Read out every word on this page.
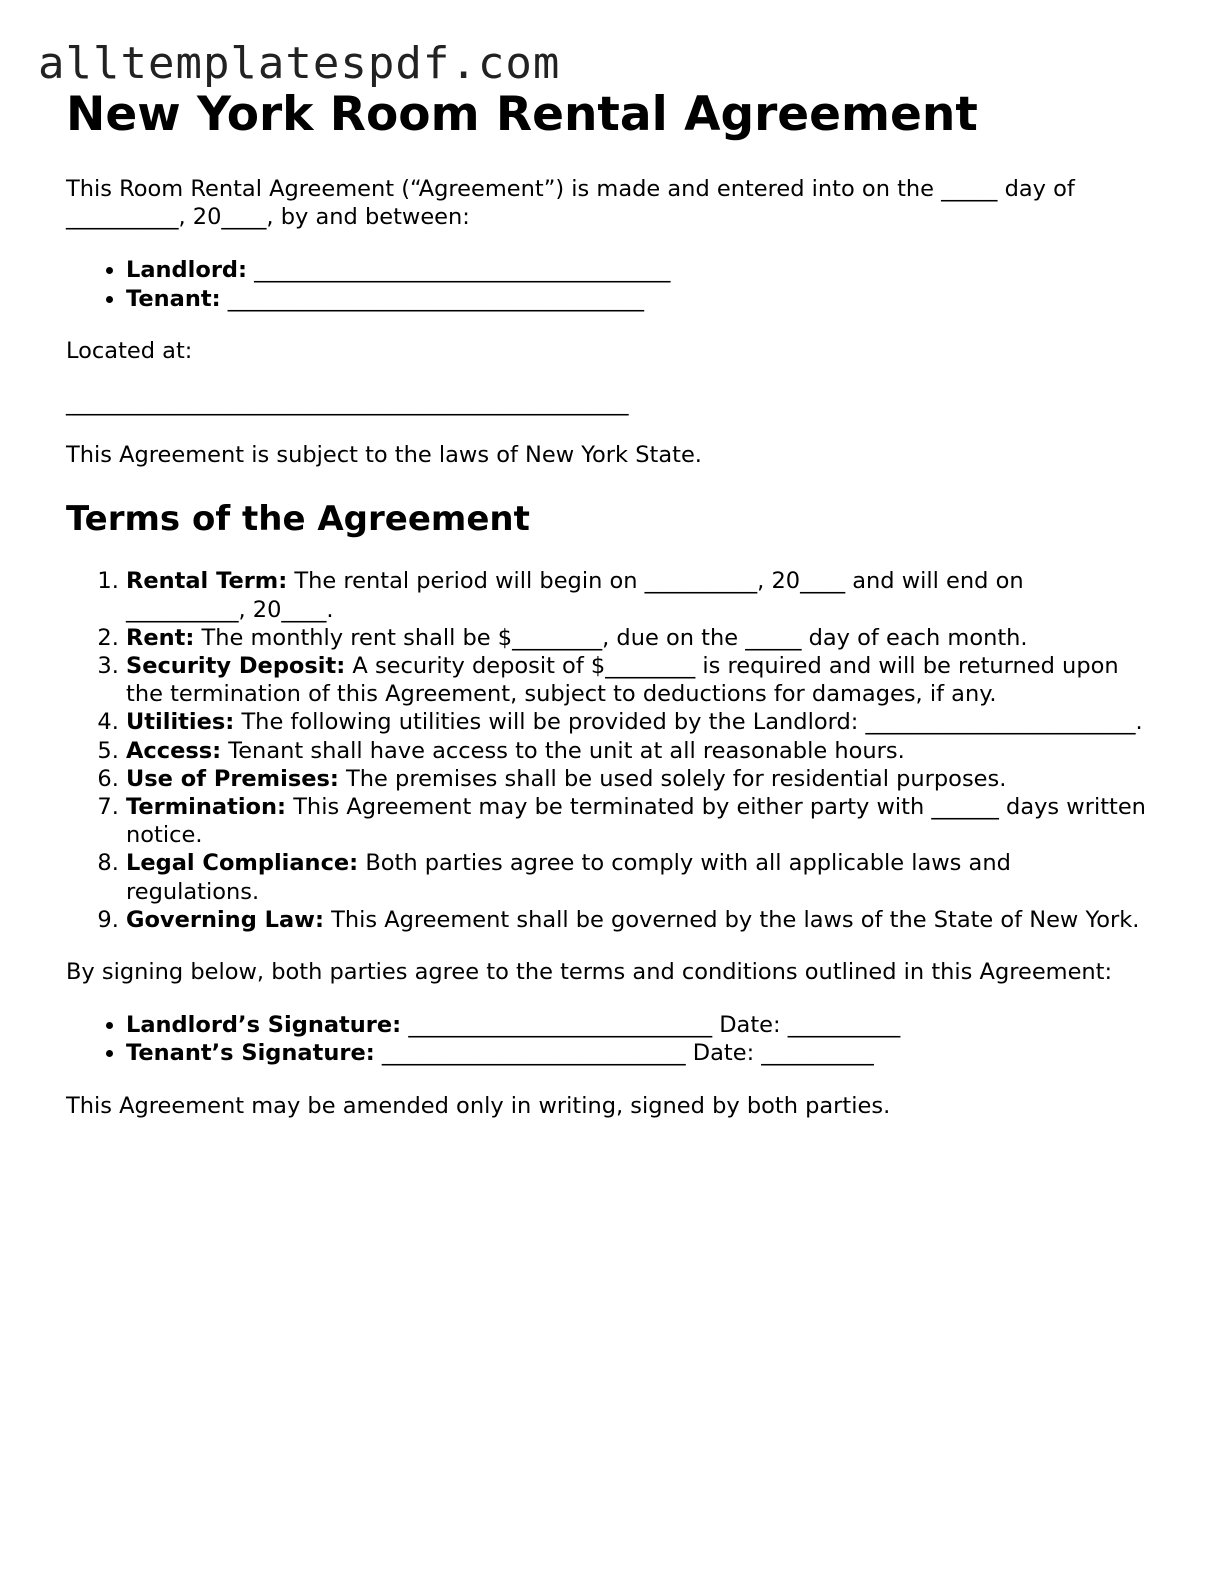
alltemplatespdf.com
New York Room Rental Agreement

This Room Rental Agreement (“Agreement”) is made and entered into on the _____ day of __________, 20____, by and between:

• Landlord: _____________________________________
• Tenant: _____________________________________

Located at:

__________________________________________________

This Agreement is subject to the laws of New York State.

Terms of the Agreement
1. Rental Term: The rental period will begin on __________, 20____ and will end on __________, 20____.
2. Rent: The monthly rent shall be $________, due on the _____ day of each month.
3. Security Deposit: A security deposit of $________ is required and will be returned upon the termination of this Agreement, subject to deductions for damages, if any.
4. Utilities: The following utilities will be provided by the Landlord: ________________________.
5. Access: Tenant shall have access to the unit at all reasonable hours.
6. Use of Premises: The premises shall be used solely for residential purposes.
7. Termination: This Agreement may be terminated by either party with ______ days written notice.
8. Legal Compliance: Both parties agree to comply with all applicable laws and regulations.
9. Governing Law: This Agreement shall be governed by the laws of the State of New York.

By signing below, both parties agree to the terms and conditions outlined in this Agreement:

• Landlord’s Signature: ___________________________ Date: __________
• Tenant’s Signature: ___________________________ Date: __________

This Agreement may be amended only in writing, signed by both parties.
